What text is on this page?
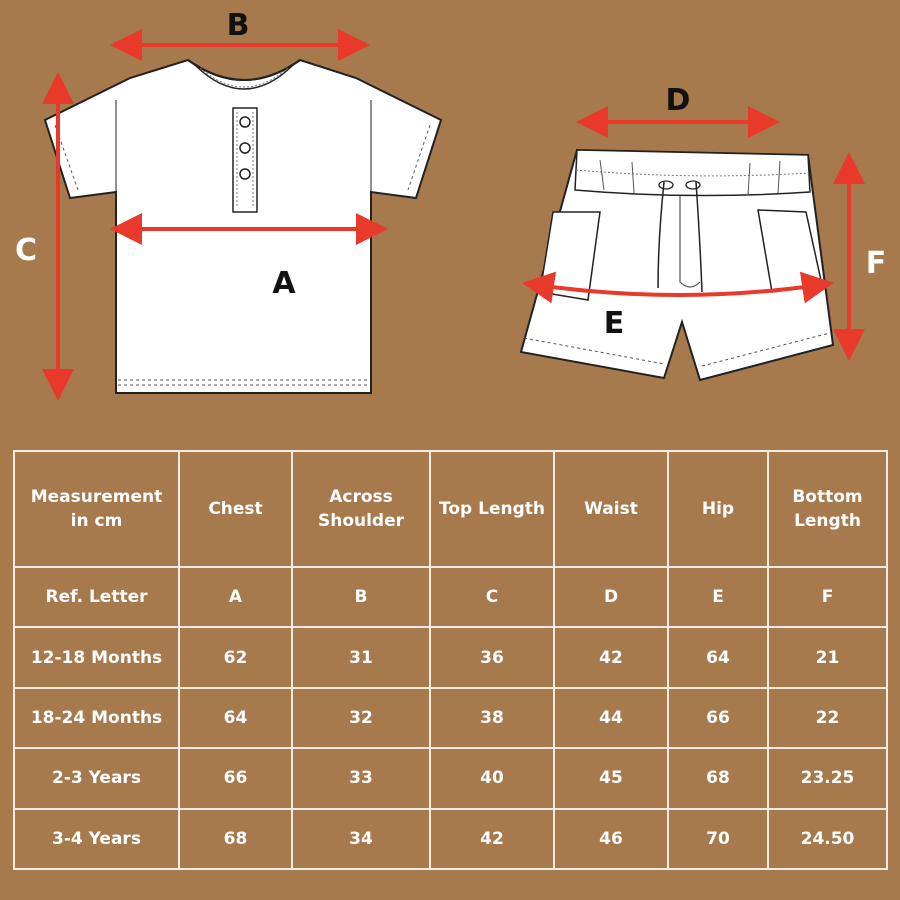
B
C
A
D
E
F
Measurement in cm	Chest	Across Shoulder	Top Length	Waist	Hip	Bottom Length
Ref. Letter	A	B	C	D	E	F
12-18 Months	62	31	36	42	64	21
18-24 Months	64	32	38	44	66	22
2-3 Years	66	33	40	45	68	23.25
3-4 Years	68	34	42	46	70	24.50
